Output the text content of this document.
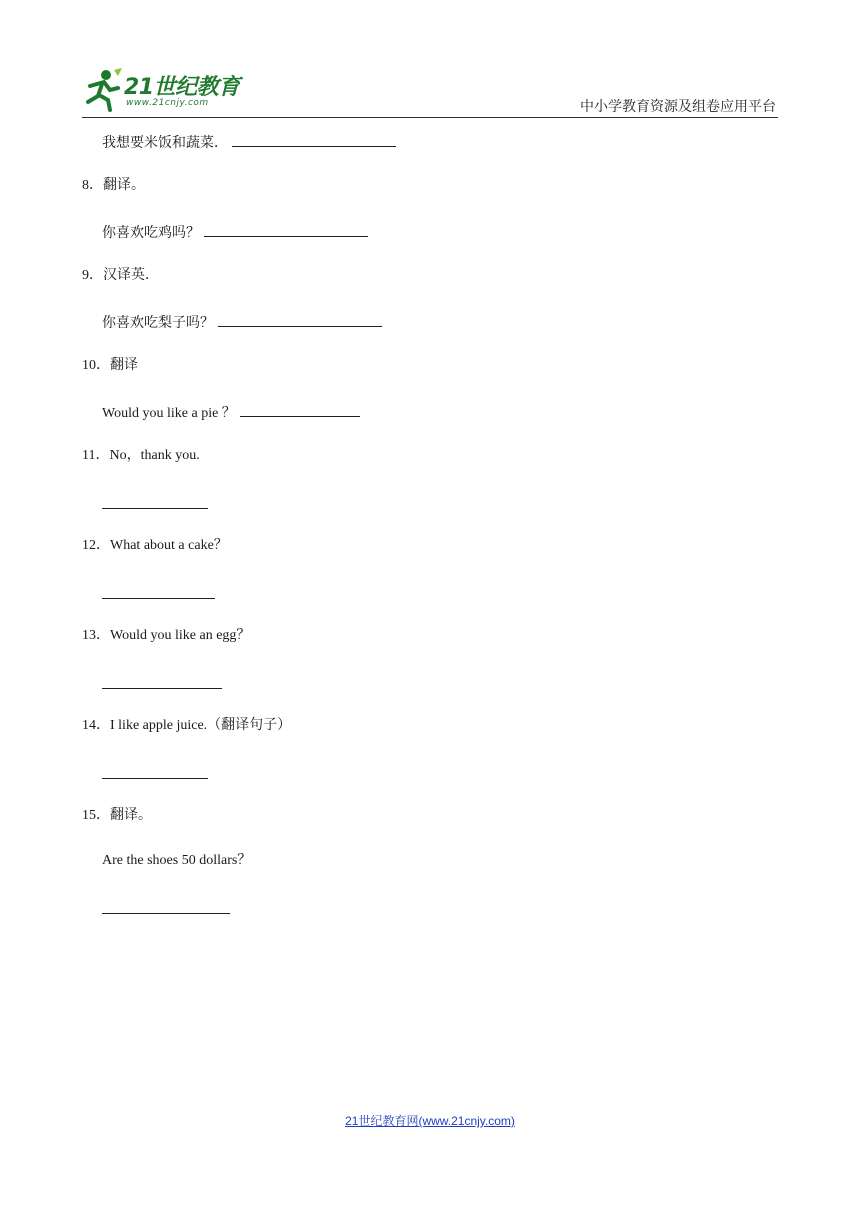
21世纪教育
www.21cnjy.com	中小学教育资源及组卷应用平台
我想要米饭和蔬菜．
8．翻译。
你喜欢吃鸡吗？
9．汉译英．
你喜欢吃梨子吗？
10．翻译
Would you like a pie ？
11．No，thank you.
12．What about a cake？
13．Would you like an egg？
14．I like apple juice.（翻译句子）
15．翻译。
Are the shoes 50 dollars？
21世纪教育网(www.21cnjy.com)
